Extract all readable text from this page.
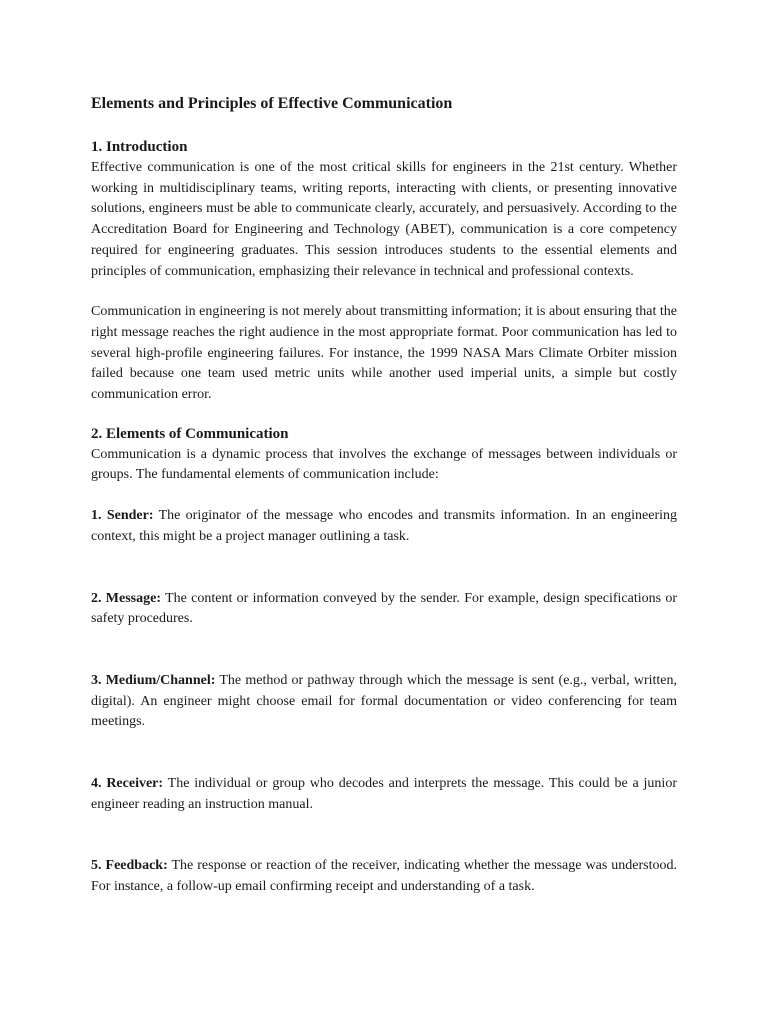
Elements and Principles of Effective Communication
1. Introduction

Effective communication is one of the most critical skills for engineers in the 21st century. Whether working in multidisciplinary teams, writing reports, interacting with clients, or presenting innovative solutions, engineers must be able to communicate clearly, accurately, and persuasively. According to the Accreditation Board for Engineering and Technology (ABET), communication is a core competency required for engineering graduates. This session introduces students to the essential elements and principles of communication, emphasizing their relevance in technical and professional contexts.

Communication in engineering is not merely about transmitting information; it is about ensuring that the right message reaches the right audience in the most appropriate format. Poor communication has led to several high-profile engineering failures. For instance, the 1999 NASA Mars Climate Orbiter mission failed because one team used metric units while another used imperial units, a simple but costly communication error.

2. Elements of Communication

Communication is a dynamic process that involves the exchange of messages between individuals or groups. The fundamental elements of communication include:

1. Sender: The originator of the message who encodes and transmits information. In an engineering context, this might be a project manager outlining a task.
2. Message: The content or information conveyed by the sender. For example, design specifications or safety procedures.
3. Medium/Channel: The method or pathway through which the message is sent (e.g., verbal, written, digital). An engineer might choose email for formal documentation or video conferencing for team meetings.
4. Receiver: The individual or group who decodes and interprets the message. This could be a junior engineer reading an instruction manual.
5. Feedback: The response or reaction of the receiver, indicating whether the message was understood. For instance, a follow-up email confirming receipt and understanding of a task.
